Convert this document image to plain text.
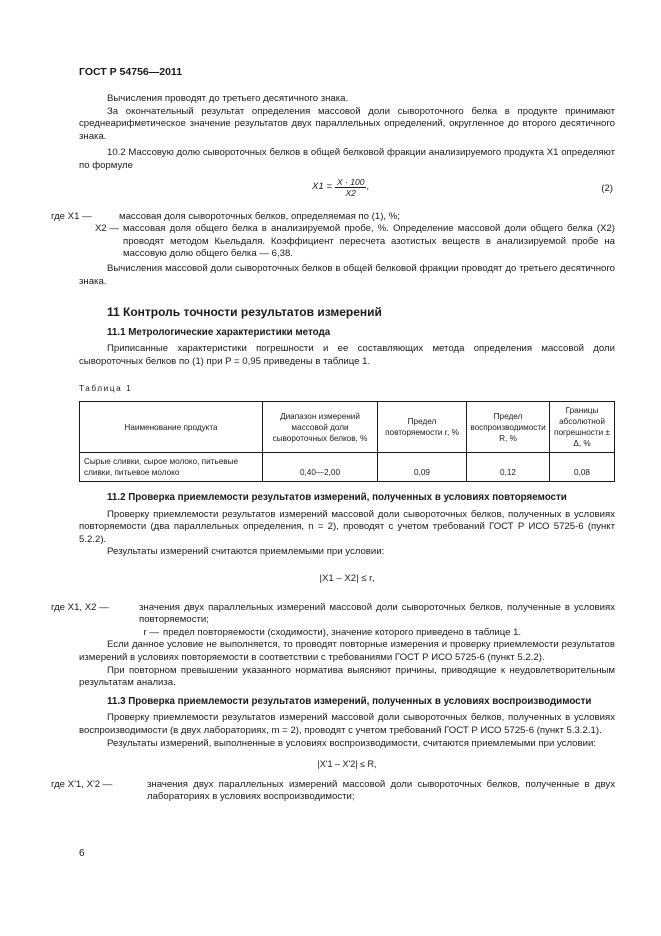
ГОСТ Р 54756—2011

Вычисления проводят до третьего десятичного знака.

За окончательный результат определения массовой доли сывороточного белка в продукте принимают среднеарифметическое значение результатов двух параллельных определений, округленное до второго десятичного знака.

10.2 Массовую долю сывороточных белков в общей белковой фракции анализируемого продукта X1 определяют по формуле

$X1 = \frac{X \cdot 100}{X2}$ ,	(2)
где X1 —	массовая доля сывороточных белков, определяемая по (1), %;
X2 — массовая доля общего белка в анализируемой пробе, %. Определение массовой доли общего белка (X2) проводят методом Кьельдаля. Коэффициент пересчета азотистых веществ в анализируемой пробе на массовую долю общего белка — 6,38.

Вычисления массовой доли сывороточных белков в общей белковой фракции проводят до третьего десятичного знака.

11 Контроль точности результатов измерений
11.1 Метрологические характеристики метода

Приписанные характеристики погрешности и ее составляющих метода определения массовой доли сывороточных белков по (1) при P = 0,95 приведены в таблице 1.

Таблица 1
Наименование продукта	Диапазон измерений массовой доли сывороточных белков, %	Предел повторяемости r, %	Предел воспроизводимости R, %	Границы абсолютной погрешности ± Δ, %
Сырые сливки, сырое молоко, питьевые сливки, питьевое молоко	0,40—2,00	0,09	0,12	0,08
11.2 Проверка приемлемости результатов измерений, полученных в условиях повторяемости

Проверку приемлемости результатов измерений массовой доли сывороточных белков, полученных в условиях повторяемости (два параллельных определения, n = 2), проводят с учетом требований ГОСТ Р ИСО 5725-6 (пункт 5.2.2).

Результаты измерений считаются приемлемыми при условии:

|X1 – X2| ≤ r,
где X1, X2 —	значения двух параллельных измерений массовой доли сывороточных белков, полученные в условиях повторяемости;
r — предел повторяемости (сходимости), значение которого приведено в таблице 1.

Если данное условие не выполняется, то проводят повторные измерения и проверку приемлемости результатов измерений в условиях повторяемости в соответствии с требованиями ГОСТ Р ИСО 5725-6 (пункт 5.2.2).

При повторном превышении указанного норматива выясняют причины, приводящие к неудовлетворительным результатам анализа.

11.3 Проверка приемлемости результатов измерений, полученных в условиях воспроизводимости

Проверку приемлемости результатов измерений массовой доли сывороточных белков, полученных в условиях воспроизводимости (в двух лабораториях, m = 2), проводят с учетом требований ГОСТ Р ИСО 5725-6 (пункт 5.3.2.1).

Результаты измерений, выполненные в условиях воспроизводимости, считаются приемлемыми при условии:

|X'1 – X'2| ≤ R,
где X'1, X'2 —	значения двух параллельных измерений массовой доли сывороточных белков, полученные в двух лабораториях в условиях воспроизводимости;
6
